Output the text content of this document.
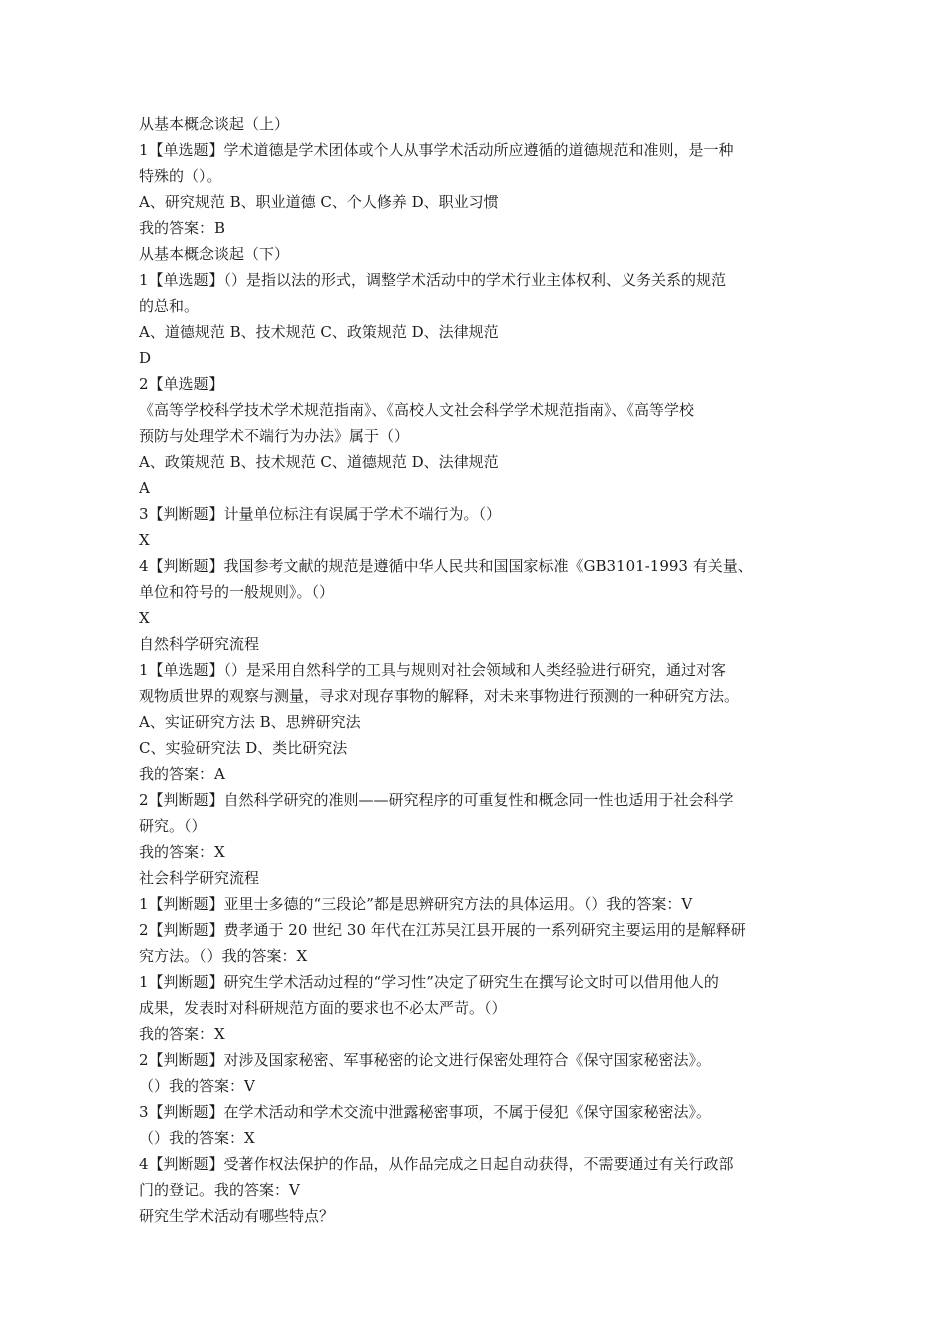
从基本概念谈起（上）

1【单选题】学术道德是学术团体或个人从事学术活动所应遵循的道德规范和准则，是一种

特殊的（）。

A、研究规范 B、职业道德 C、个人修养 D、职业习惯

我的答案：B

从基本概念谈起（下）

1【单选题】（）是指以法的形式，调整学术活动中的学术行业主体权利、义务关系的规范

的总和。

A、道德规范 B、技术规范 C、政策规范 D、法律规范

D

2【单选题】

《高等学校科学技术学术规范指南》、《高校人文社会科学学术规范指南》、《高等学校

预防与处理学术不端行为办法》属于（）

A、政策规范 B、技术规范 C、道德规范 D、法律规范

A

3【判断题】计量单位标注有误属于学术不端行为。（）

X

4【判断题】我国参考文献的规范是遵循中华人民共和国国家标准《GB3101-1993 有关量、

单位和符号的一般规则》。（）

X

自然科学研究流程

1【单选题】（）是采用自然科学的工具与规则对社会领域和人类经验进行研究，通过对客

观物质世界的观察与测量，寻求对现存事物的解释，对未来事物进行预测的一种研究方法。

A、实证研究方法 B、思辨研究法

C、实验研究法 D、类比研究法

我的答案：A

2【判断题】自然科学研究的准则——研究程序的可重复性和概念同一性也适用于社会科学

研究。（）

我的答案：X

社会科学研究流程

1【判断题】亚里士多德的“三段论”都是思辨研究方法的具体运用。（）我的答案：V

2【判断题】费孝通于 20 世纪 30 年代在江苏吴江县开展的一系列研究主要运用的是解释研

究方法。（）我的答案：X

1【判断题】研究生学术活动过程的“学习性”决定了研究生在撰写论文时可以借用他人的

成果，发表时对科研规范方面的要求也不必太严苛。（）

我的答案：X

2【判断题】对涉及国家秘密、军事秘密的论文进行保密处理符合《保守国家秘密法》。

（）我的答案：V

3【判断题】在学术活动和学术交流中泄露秘密事项，不属于侵犯《保守国家秘密法》。

（）我的答案：X

4【判断题】受著作权法保护的作品，从作品完成之日起自动获得，不需要通过有关行政部

门的登记。我的答案：V

研究生学术活动有哪些特点？
